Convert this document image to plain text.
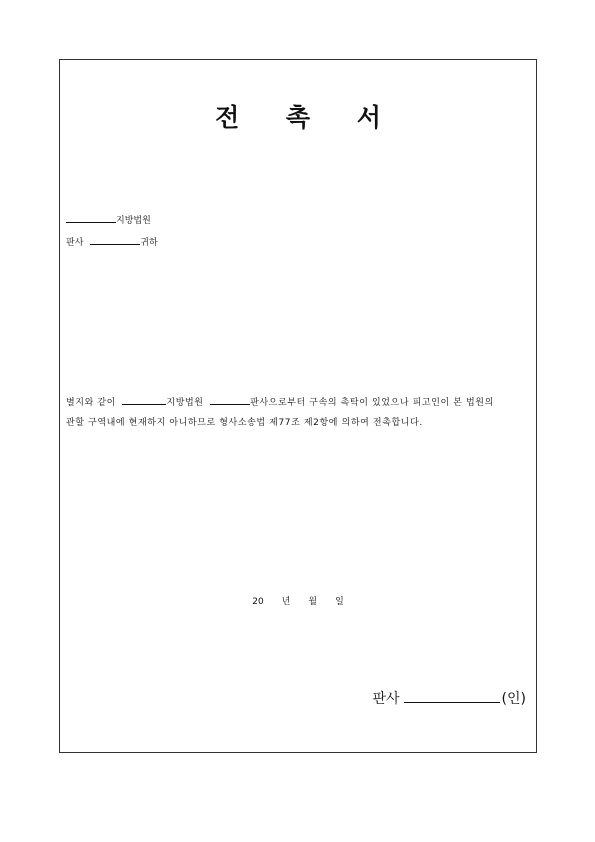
전 촉 서
지방법원
판사	귀하
별지와 같이	지방법원	판사으로부터 구속의 촉탁이 있었으나 피고인이 본 법원의
관할 구역내에 현재하지 아니하므로 형사소송법 제77조 제2항에 의하여 전촉합니다.
20 년 월 일
판사	(인)
